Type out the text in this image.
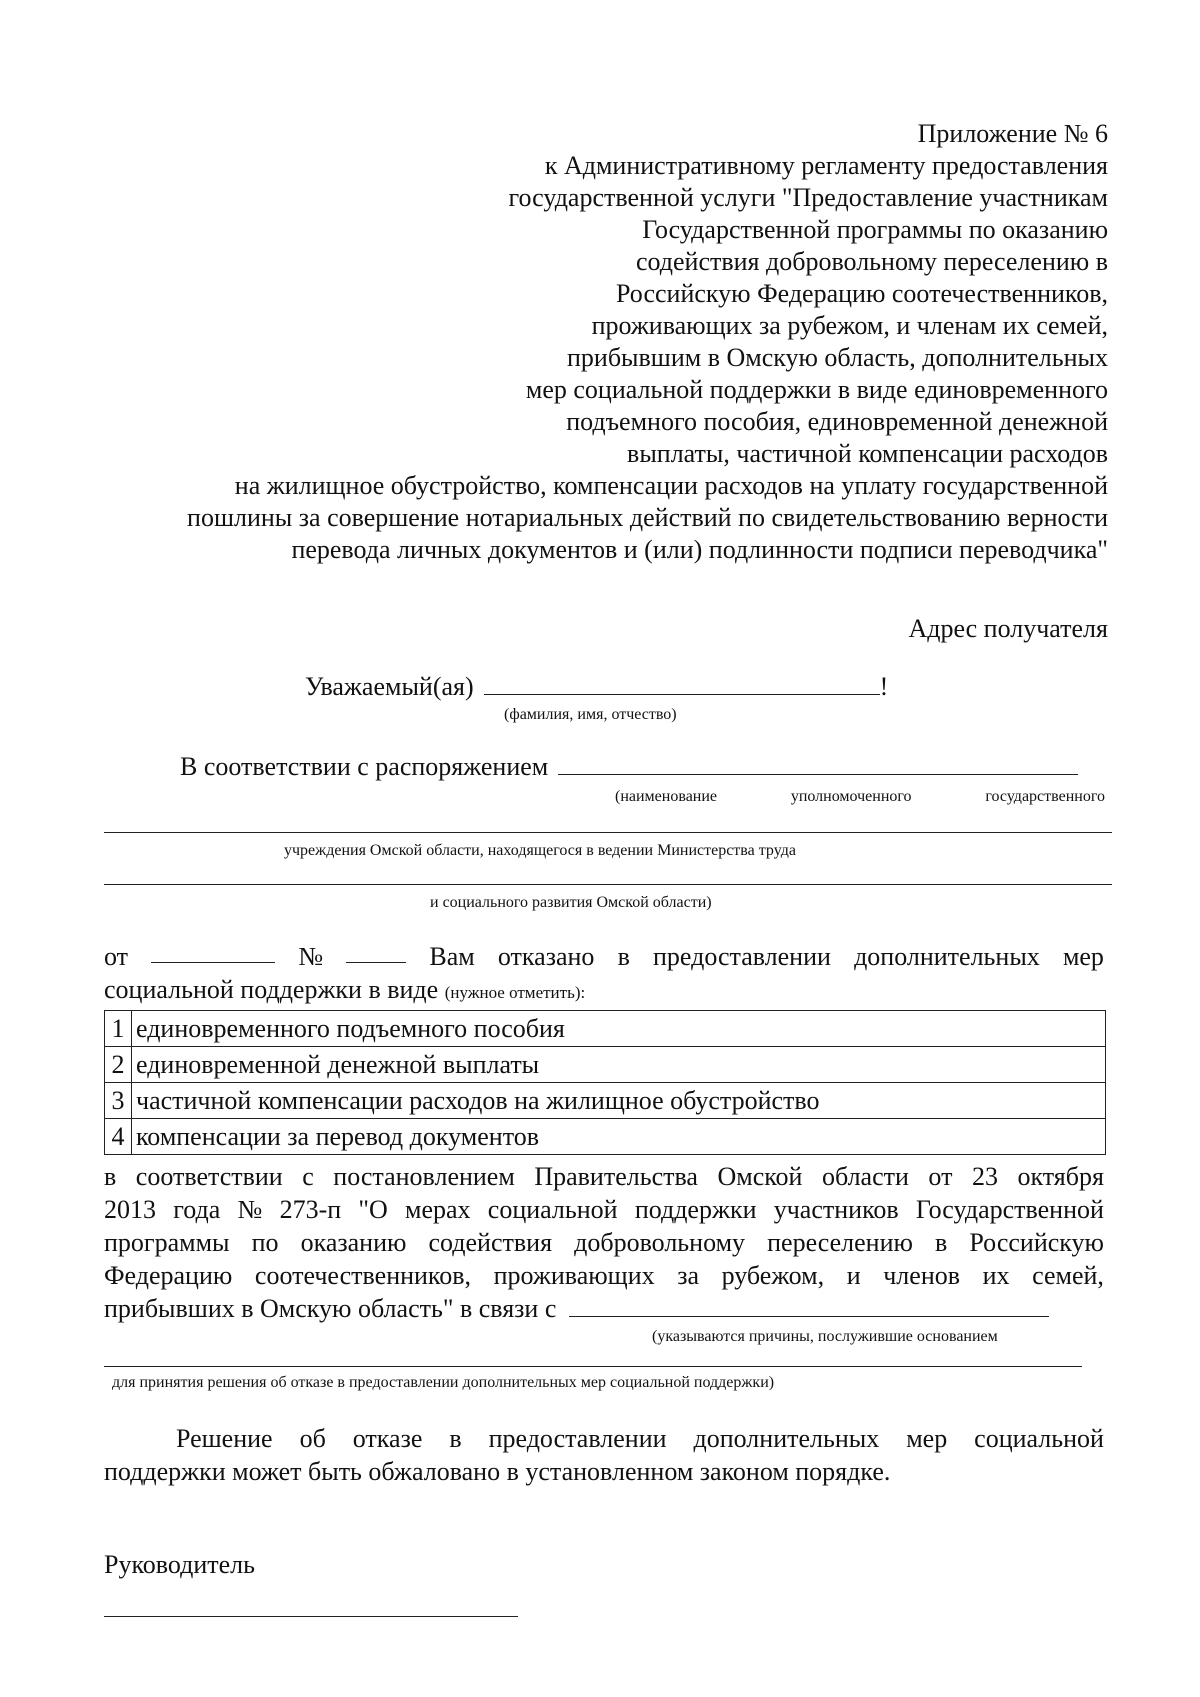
Приложение № 6
к Административному регламенту предоставления
государственной услуги "Предоставление участникам
Государственной программы по оказанию
содействия добровольному переселению в
Российскую Федерацию соотечественников,
проживающих за рубежом, и членам их семей,
прибывшим в Омскую область, дополнительных
мер социальной поддержки в виде единовременного
подъемного пособия, единовременной денежной
выплаты, частичной компенсации расходов
на жилищное обустройство, компенсации расходов на уплату государственной
пошлины за совершение нотариальных действий по свидетельствованию верности
перевода личных документов и (или) подлинности подписи переводчика"
Адрес получателя
Уважаемый(ая)	!
(фамилия, имя, отчество)
В соответствии с распоряжением
(наименование	уполномоченного	государственного
учреждения Омской области, находящегося в ведении Министерства труда
и социального развития Омской области)
от	№	Вам отказано в предоставлении дополнительных мер
социальной поддержки в виде (нужное отметить):
1	единовременного подъемного пособия
2	единовременной денежной выплаты
3	частичной компенсации расходов на жилищное обустройство
4	компенсации за перевод документов
в соответствии с постановлением Правительства Омской области от 23 октября
2013 года № 273-п "О мерах социальной поддержки участников Государственной
программы по оказанию содействия добровольному переселению в Российскую
Федерацию соотечественников, проживающих за рубежом, и членов их семей,
прибывших в Омскую область" в связи с
(указываются причины, послужившие основанием
для принятия решения об отказе в предоставлении дополнительных мер социальной поддержки)
Решение об отказе в предоставлении дополнительных мер социальной
поддержки может быть обжаловано в установленном законом порядке.
Руководитель
